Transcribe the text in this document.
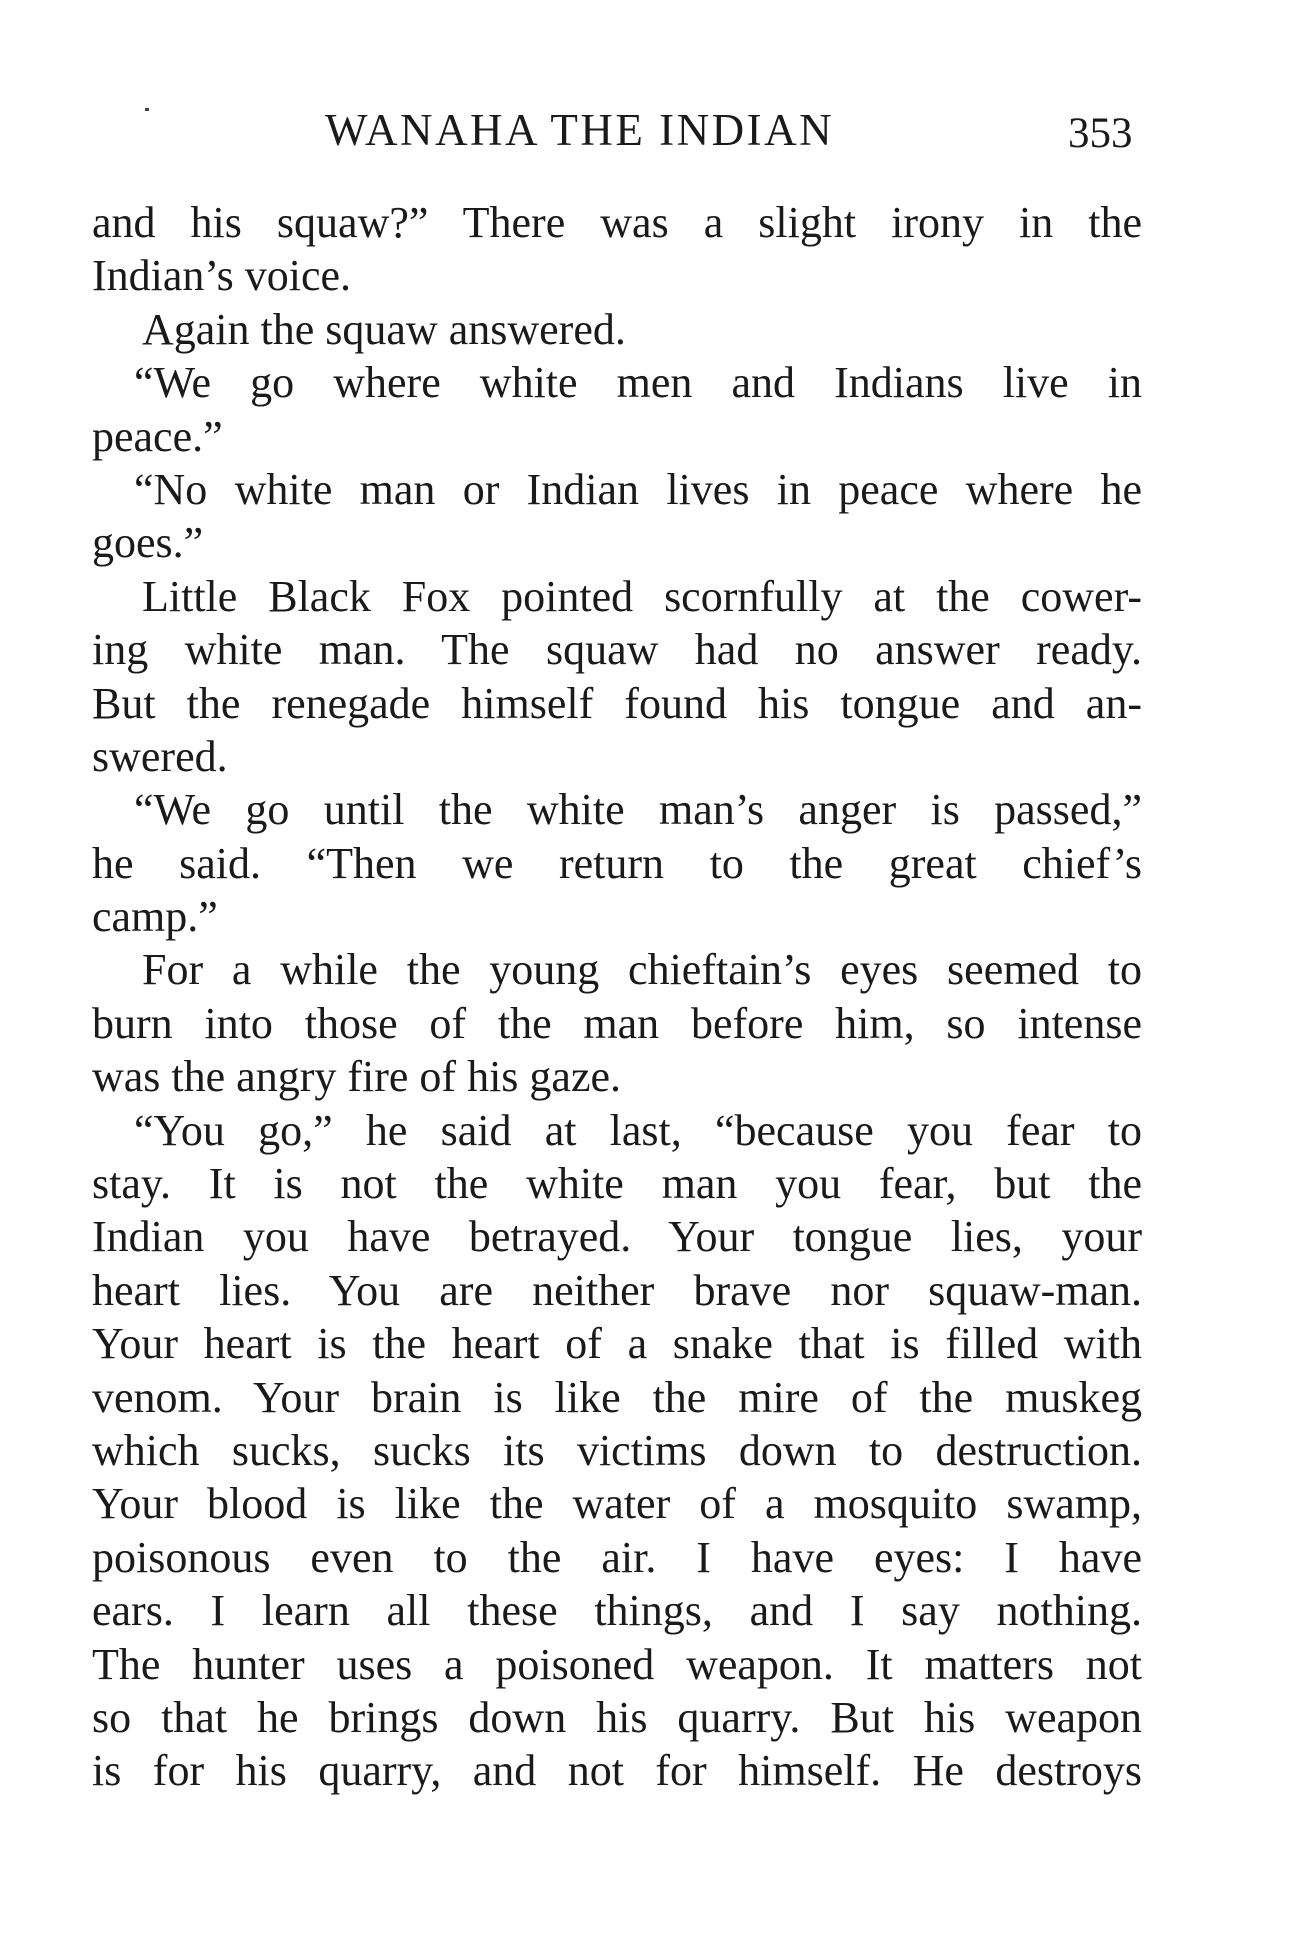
WANAHA THE INDIAN	353
and his squaw?” There was a slight irony in the
Indian’s voice.
Again the squaw answered.
“We go where white men and Indians live in
peace.”
“No white man or Indian lives in peace where he
goes.”
Little Black Fox pointed scornfully at the cower-
ing white man. The squaw had no answer ready.
But the renegade himself found his tongue and an-
swered.
“We go until the white man’s anger is passed,”
he said. “Then we return to the great chief’s
camp.”
For a while the young chieftain’s eyes seemed to
burn into those of the man before him, so intense
was the angry fire of his gaze.
“You go,” he said at last, “because you fear to
stay. It is not the white man you fear, but the
Indian you have betrayed. Your tongue lies, your
heart lies. You are neither brave nor squaw-man.
Your heart is the heart of a snake that is filled with
venom. Your brain is like the mire of the muskeg
which sucks, sucks its victims down to destruction.
Your blood is like the water of a mosquito swamp,
poisonous even to the air. I have eyes: I have
ears. I learn all these things, and I say nothing.
The hunter uses a poisoned weapon. It matters not
so that he brings down his quarry. But his weapon
is for his quarry, and not for himself. He destroys
